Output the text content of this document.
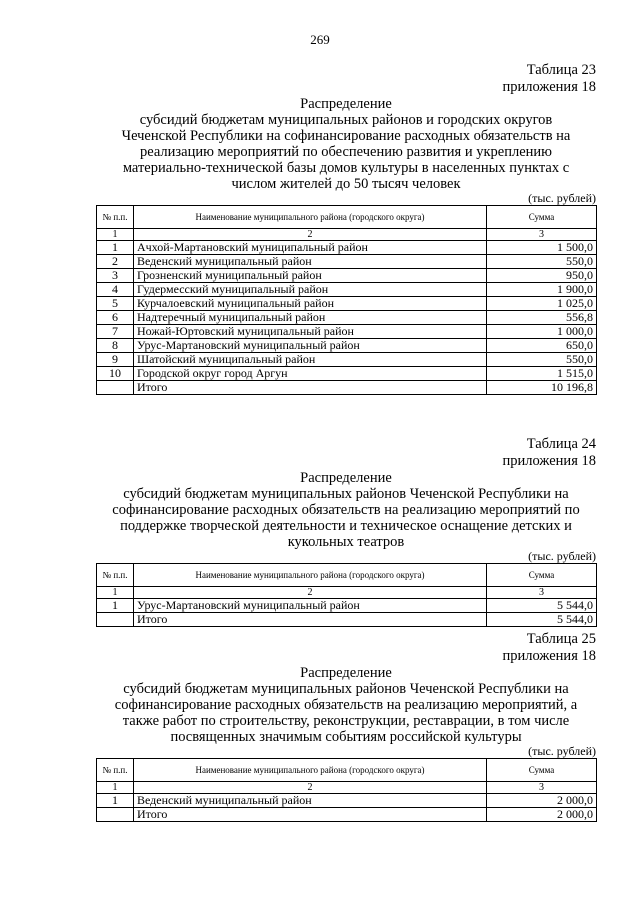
269
Таблица 23
приложения 18
Распределение
субсидий бюджетам муниципальных районов и городских округов
Чеченской Республики на софинансирование расходных обязательств на
реализацию мероприятий по обеспечению развития и укреплению
материально-технической базы домов культуры в населенных пунктах с
числом жителей до 50 тысяч человек
(тыс. рублей)
№ п.п.	Наименование муниципального района (городского округа)	Сумма
1	2	3
1	Ачхой-Мартановский муниципальный район	1 500,0
2	Веденский муниципальный район	550,0
3	Грозненский муниципальный район	950,0
4	Гудермесский муниципальный район	1 900,0
5	Курчалоевский муниципальный район	1 025,0
6	Надтеречный муниципальный район	556,8
7	Ножай-Юртовский муниципальный район	1 000,0
8	Урус-Мартановский муниципальный район	650,0
9	Шатойский муниципальный район	550,0
10	Городской округ город Аргун	1 515,0
	Итого	10 196,8
Таблица 24
приложения 18
Распределение
субсидий бюджетам муниципальных районов Чеченской Республики на
софинансирование расходных обязательств на реализацию мероприятий по
поддержке творческой деятельности и техническое оснащение детских и
кукольных театров
(тыс. рублей)
№ п.п.	Наименование муниципального района (городского округа)	Сумма
1	2	3
1	Урус-Мартановский муниципальный район	5 544,0
	Итого	5 544,0
Таблица 25
приложения 18
Распределение
субсидий бюджетам муниципальных районов Чеченской Республики на
софинансирование расходных обязательств на реализацию мероприятий, а
также работ по строительству, реконструкции, реставрации, в том числе
посвященных значимым событиям российской культуры
(тыс. рублей)
№ п.п.	Наименование муниципального района (городского округа)	Сумма
1	2	3
1	Веденский муниципальный район	2 000,0
	Итого	2 000,0
